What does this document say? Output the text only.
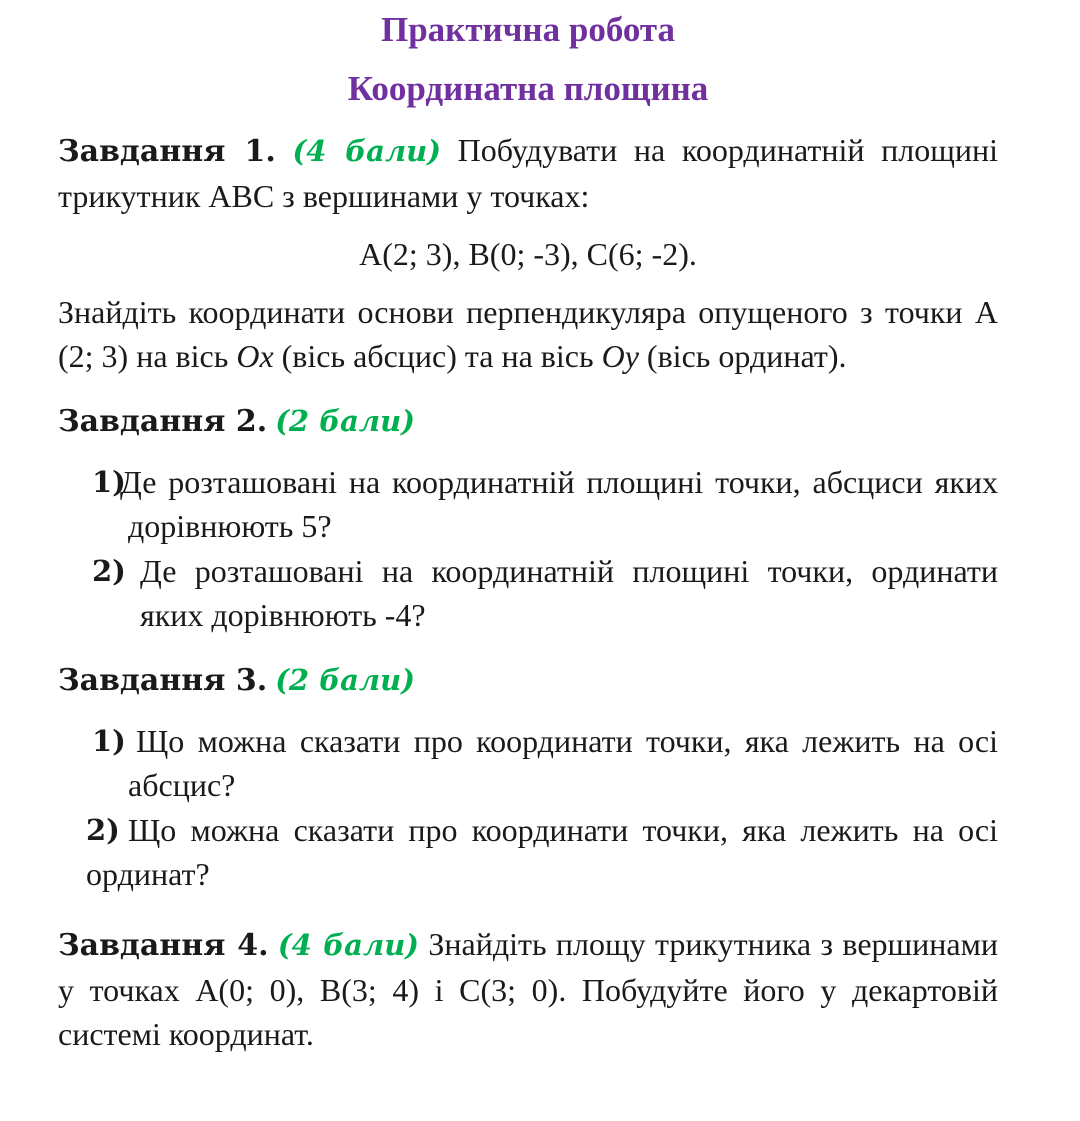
Практична робота
Координатна площина

Завдання 1. (4 бали) Побудувати на координатній площині трикутник ABC з вершинами у точках:

A(2; 3), B(0; -3), C(6; -2).

Знайдіть координати основи перпендикуляра опущеного з точки A (2; 3) на вісь Ox (вісь абсцис) та на вісь Oy (вісь ординат).

Завдання 2. (2 бали)

1)
Де розташовані на координатній площині точки, абсциси яких дорівнюють 5?
2) Де розташовані на координатній площині точки, ординати яких дорівнюють -4?

Завдання 3. (2 бали)

1) Що можна сказати про координати точки, яка лежить на осі абсцис?
2) Що можна сказати про координати точки, яка лежить на осі ординат?

Завдання 4. (4 бали) Знайдіть площу трикутника з вершинами у точках A(0; 0), B(3; 4) і C(3; 0). Побудуйте його у декартовій системі координат.
